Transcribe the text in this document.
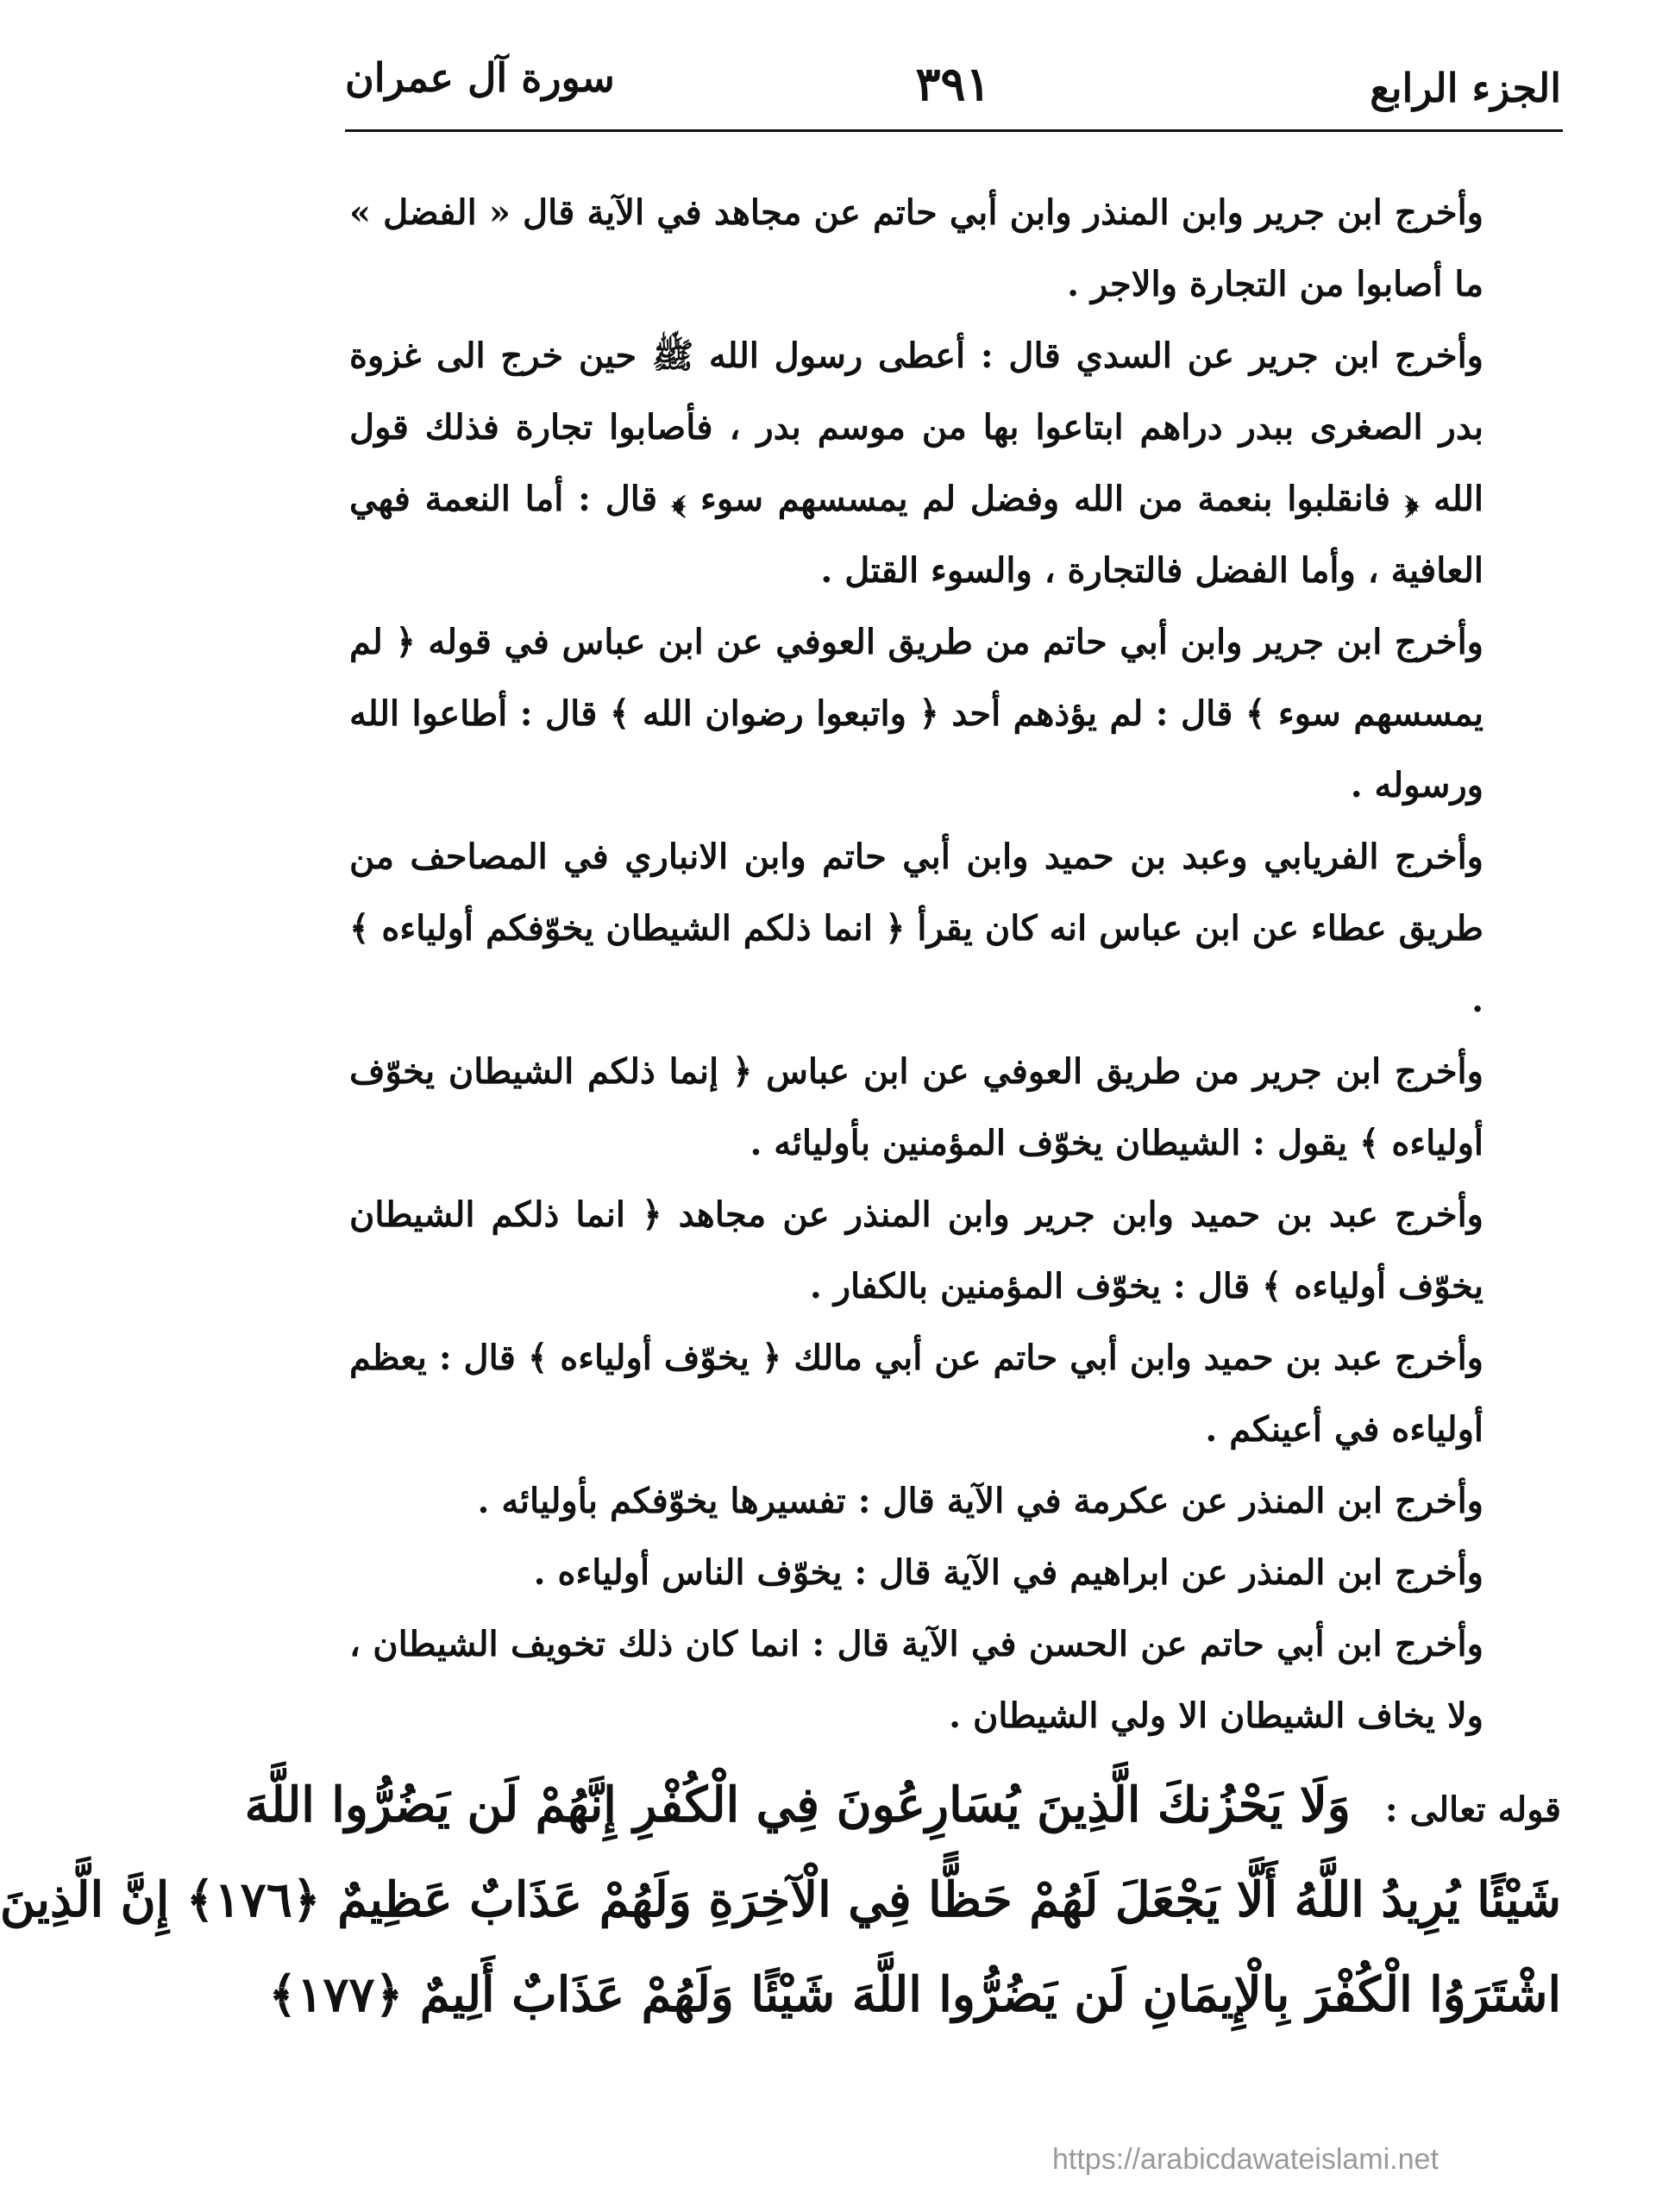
الجزء الرابع
٣٩١
سورة آل عمران

وأخرج ابن جرير وابن المنذر وابن أبي حاتم عن مجاهد في الآية قال « الفضل » ما أصابوا من التجارة والاجر .

وأخرج ابن جرير عن السدي قال : أعطى رسول الله ﷺ حين خرج الى غزوة بدر الصغرى ببدر دراهم ابتاعوا بها من موسم بدر ، فأصابوا تجارة فذلك قول الله ﴿ فانقلبوا بنعمة من الله وفضل لم يمسسهم سوء ﴾ قال : أما النعمة فهي العافية ، وأما الفضل فالتجارة ، والسوء القتل .

وأخرج ابن جرير وابن أبي حاتم من طريق العوفي عن ابن عباس في قوله ﴿ لم يمسسهم سوء ﴾ قال : لم يؤذهم أحد ﴿ واتبعوا رضوان الله ﴾ قال : أطاعوا الله ورسوله .

وأخرج الفريابي وعبد بن حميد وابن أبي حاتم وابن الانباري في المصاحف من طريق عطاء عن ابن عباس انه كان يقرأ ﴿ انما ذلكم الشيطان يخوّفكم أولياءه ﴾ .

وأخرج ابن جرير من طريق العوفي عن ابن عباس ﴿ إنما ذلكم الشيطان يخوّف أولياءه ﴾ يقول : الشيطان يخوّف المؤمنين بأوليائه .

وأخرج عبد بن حميد وابن جرير وابن المنذر عن مجاهد ﴿ انما ذلكم الشيطان يخوّف أولياءه ﴾ قال : يخوّف المؤمنين بالكفار .

وأخرج عبد بن حميد وابن أبي حاتم عن أبي مالك ﴿ يخوّف أولياءه ﴾ قال : يعظم أولياءه في أعينكم .

وأخرج ابن المنذر عن عكرمة في الآية قال : تفسيرها يخوّفكم بأوليائه .

وأخرج ابن المنذر عن ابراهيم في الآية قال : يخوّف الناس أولياءه .

وأخرج ابن أبي حاتم عن الحسن في الآية قال : انما كان ذلك تخويف الشيطان ، ولا يخاف الشيطان الا ولي الشيطان .

قوله تعالى :وَلَا يَحْزُنكَ الَّذِينَ يُسَارِعُونَ فِي الْكُفْرِ إِنَّهُمْ لَن يَضُرُّوا اللَّهَ
شَيْئًا يُرِيدُ اللَّهُ أَلَّا يَجْعَلَ لَهُمْ حَظًّا فِي الْآخِرَةِ وَلَهُمْ عَذَابٌ عَظِيمٌ ﴿١٧٦﴾ إِنَّ الَّذِينَ
اشْتَرَوُا الْكُفْرَ بِالْإِيمَانِ لَن يَضُرُّوا اللَّهَ شَيْئًا وَلَهُمْ عَذَابٌ أَلِيمٌ ﴿١٧٧﴾
https://arabicdawateislami.net
